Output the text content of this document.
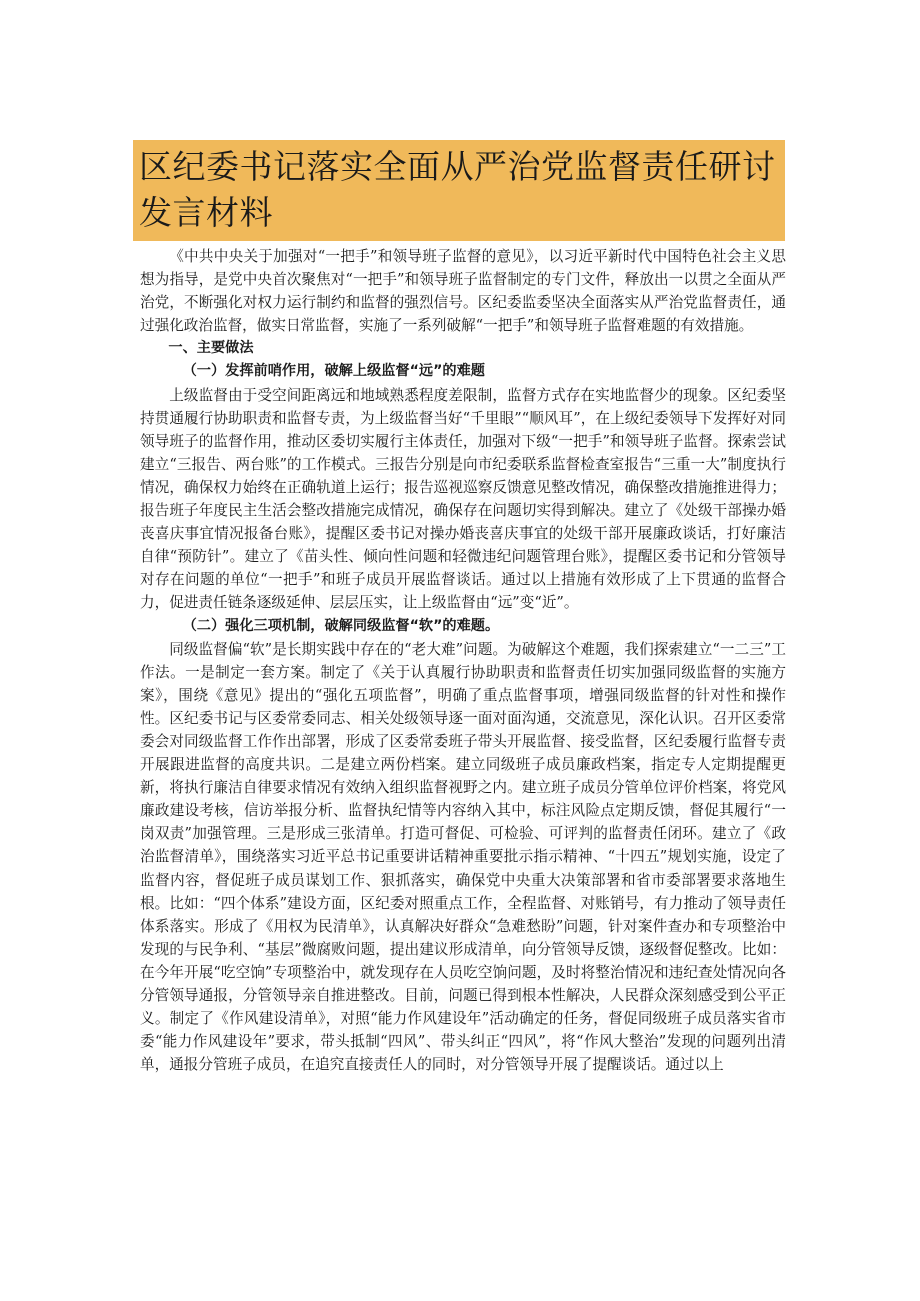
区纪委书记落实全面从严治党监督责任研讨发言材料

《中共中央关于加强对“一把手”和领导班子监督的意见》，以习近平新时代中国特色社会主义思想为指导，是党中央首次聚焦对“一把手”和领导班子监督制定的专门文件，释放出一以贯之全面从严治党，不断强化对权力运行制约和监督的强烈信号。区纪委监委坚决全面落实从严治党监督责任，通过强化政治监督，做实日常监督，实施了一系列破解“一把手”和领导班子监督难题的有效措施。

一、主要做法

（一）发挥前哨作用，破解上级监督“远”的难题

上级监督由于受空间距离远和地域熟悉程度差限制，监督方式存在实地监督少的现象。区纪委坚持贯通履行协助职责和监督专责，为上级监督当好“千里眼”“顺风耳”，在上级纪委领导下发挥好对同领导班子的监督作用，推动区委切实履行主体责任，加强对下级“一把手”和领导班子监督。探索尝试建立“三报告、两台账”的工作模式。三报告分别是向市纪委联系监督检查室报告“三重一大”制度执行情况，确保权力始终在正确轨道上运行；报告巡视巡察反馈意见整改情况，确保整改措施推进得力；报告班子年度民主生活会整改措施完成情况，确保存在问题切实得到解决。建立了《处级干部操办婚丧喜庆事宜情况报备台账》，提醒区委书记对操办婚丧喜庆事宜的处级干部开展廉政谈话，打好廉洁自律“预防针”。建立了《苗头性、倾向性问题和轻微违纪问题管理台账》，提醒区委书记和分管领导对存在问题的单位“一把手”和班子成员开展监督谈话。通过以上措施有效形成了上下贯通的监督合力，促进责任链条逐级延伸、层层压实，让上级监督由“远”变“近”。

（二）强化三项机制，破解同级监督“软”的难题。

同级监督偏“软”是长期实践中存在的“老大难”问题。为破解这个难题，我们探索建立“一二三”工作法。一是制定一套方案。制定了《关于认真履行协助职责和监督责任切实加强同级监督的实施方案》，围绕《意见》提出的“强化五项监督”，明确了重点监督事项，增强同级监督的针对性和操作性。区纪委书记与区委常委同志、相关处级领导逐一面对面沟通，交流意见，深化认识。召开区委常委会对同级监督工作作出部署，形成了区委常委班子带头开展监督、接受监督，区纪委履行监督专责开展跟进监督的高度共识。二是建立两份档案。建立同级班子成员廉政档案，指定专人定期提醒更新，将执行廉洁自律要求情况有效纳入组织监督视野之内。建立班子成员分管单位评价档案，将党风廉政建设考核，信访举报分析、监督执纪情等内容纳入其中，标注风险点定期反馈，督促其履行“一岗双责”加强管理。三是形成三张清单。打造可督促、可检验、可评判的监督责任闭环。建立了《政治监督清单》，围绕落实习近平总书记重要讲话精神重要批示指示精神、“十四五”规划实施，设定了监督内容，督促班子成员谋划工作、狠抓落实，确保党中央重大决策部署和省市委部署要求落地生根。比如：“四个体系”建设方面，区纪委对照重点工作，全程监督、对账销号，有力推动了领导责任体系落实。形成了《用权为民清单》，认真解决好群众“急难愁盼”问题，针对案件查办和专项整治中发现的与民争利、“基层”微腐败问题，提出建议形成清单，向分管领导反馈，逐级督促整改。比如：在今年开展“吃空饷”专项整治中，就发现存在人员吃空饷问题，及时将整治情况和违纪查处情况向各分管领导通报，分管领导亲自推进整改。目前，问题已得到根本性解决，人民群众深刻感受到公平正义。制定了《作风建设清单》，对照“能力作风建设年”活动确定的任务，督促同级班子成员落实省市委“能力作风建设年”要求，带头抵制“四风”、带头纠正“四风”，将“作风大整治”发现的问题列出清单，通报分管班子成员，在追究直接责任人的同时，对分管领导开展了提醒谈话。通过以上
